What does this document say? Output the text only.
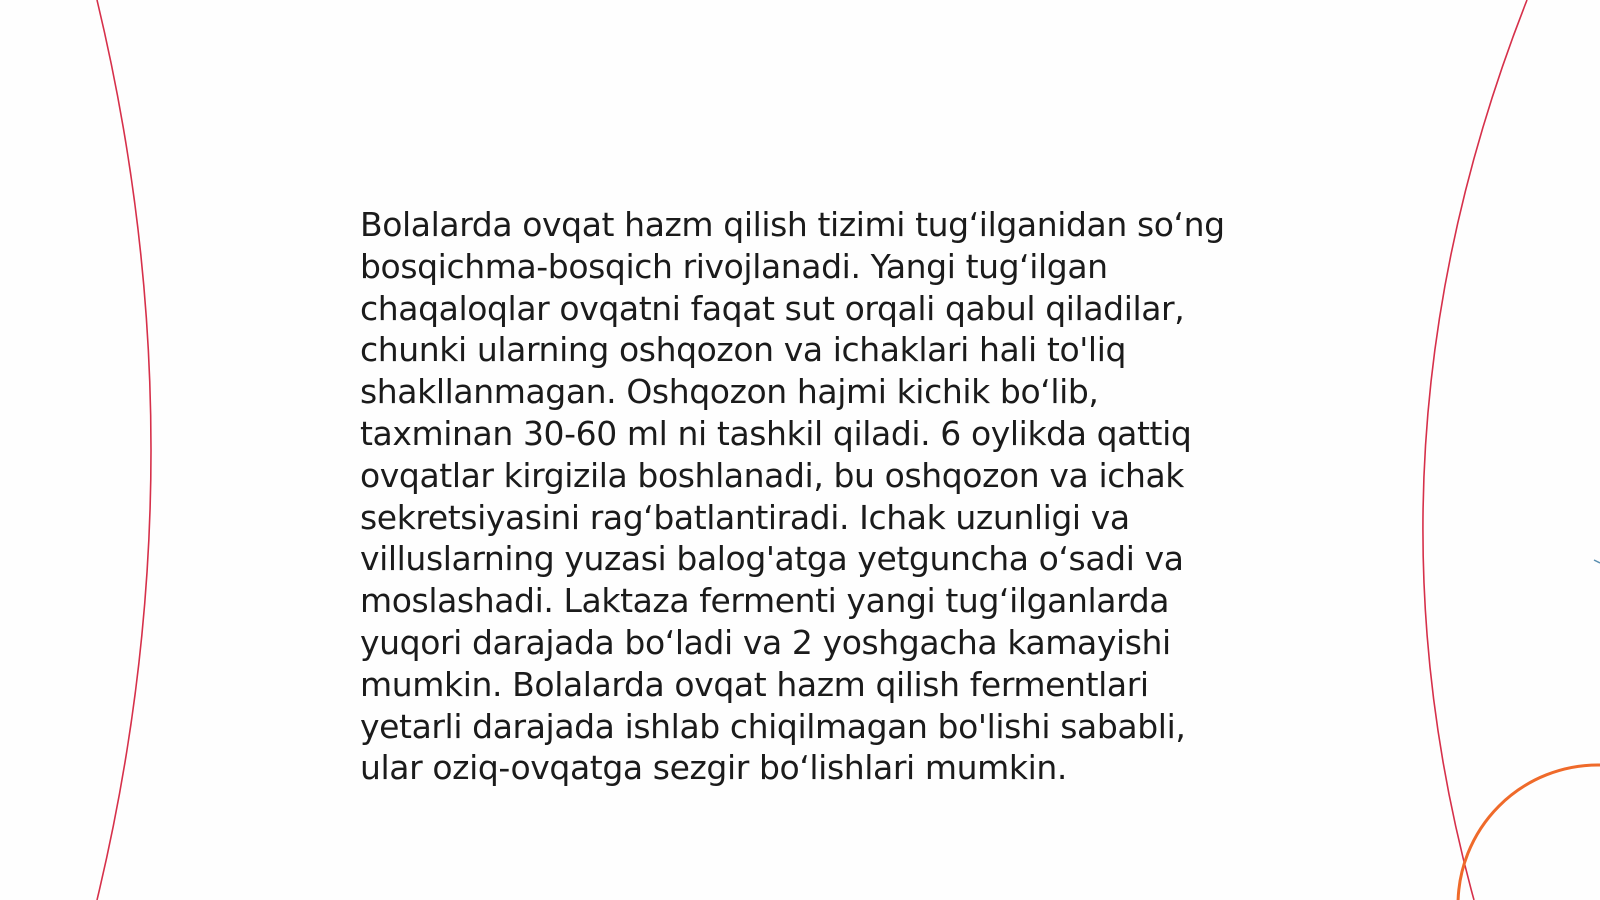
Bolalarda ovqat hazm qilish tizimi tug‘ilganidan so‘ng
bosqichma-bosqich rivojlanadi. Yangi tug‘ilgan
chaqaloqlar ovqatni faqat sut orqali qabul qiladilar,
chunki ularning oshqozon va ichaklari hali to'liq
shakllanmagan. Oshqozon hajmi kichik bo‘lib,
taxminan 30-60 ml ni tashkil qiladi. 6 oylikda qattiq
ovqatlar kirgizila boshlanadi, bu oshqozon va ichak
sekretsiyasini rag‘batlantiradi. Ichak uzunligi va
villuslarning yuzasi balog'atga yetguncha o‘sadi va
moslashadi. Laktaza fermenti yangi tug‘ilganlarda
yuqori darajada bo‘ladi va 2 yoshgacha kamayishi
mumkin. Bolalarda ovqat hazm qilish fermentlari
yetarli darajada ishlab chiqilmagan bo'lishi sababli,
ular oziq-ovqatga sezgir bo‘lishlari mumkin.
